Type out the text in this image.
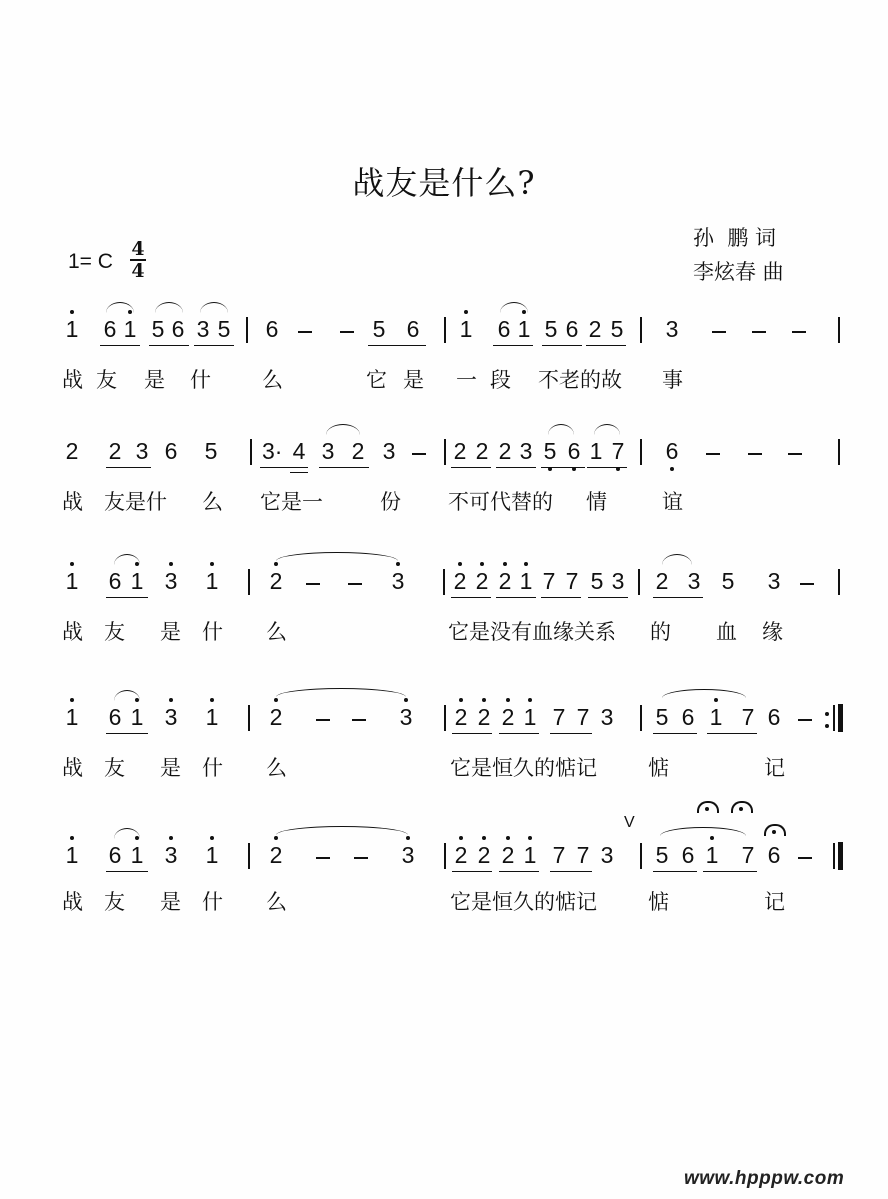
战友是什么?
孙  鹏 词
李炫春 曲
1= C
4
4
1 6 1 5 6 3 5 6	5 6 1 6 1 5 6 2 5 3
战 友 是 什 么	它 是 一 段 不老的故 事
2 2 3 6 5 3· 4 3 2 3	2 2 2 3 5 6 1 7 6
战 友是什 么 它是一	份 不可代替的 情	谊
1 6 1 3 1 2	3 2 2 2 1 7 7 5 3 2 3 5 3
战 友 是 什 么	它是没有血缘关系 的 血 缘
1 6 1 3 1 2	3 2 2 2 1 7 7 3 5 6 1 7 6
战 友 是 什 么	它是恒久的惦记 惦	记
1 6 1 3 1 2	3 2 2 2 1 7 7 3
V
5 6 1 7 6
战 友 是 什 么	它是恒久的惦记 惦	记
www.hpppw.com
